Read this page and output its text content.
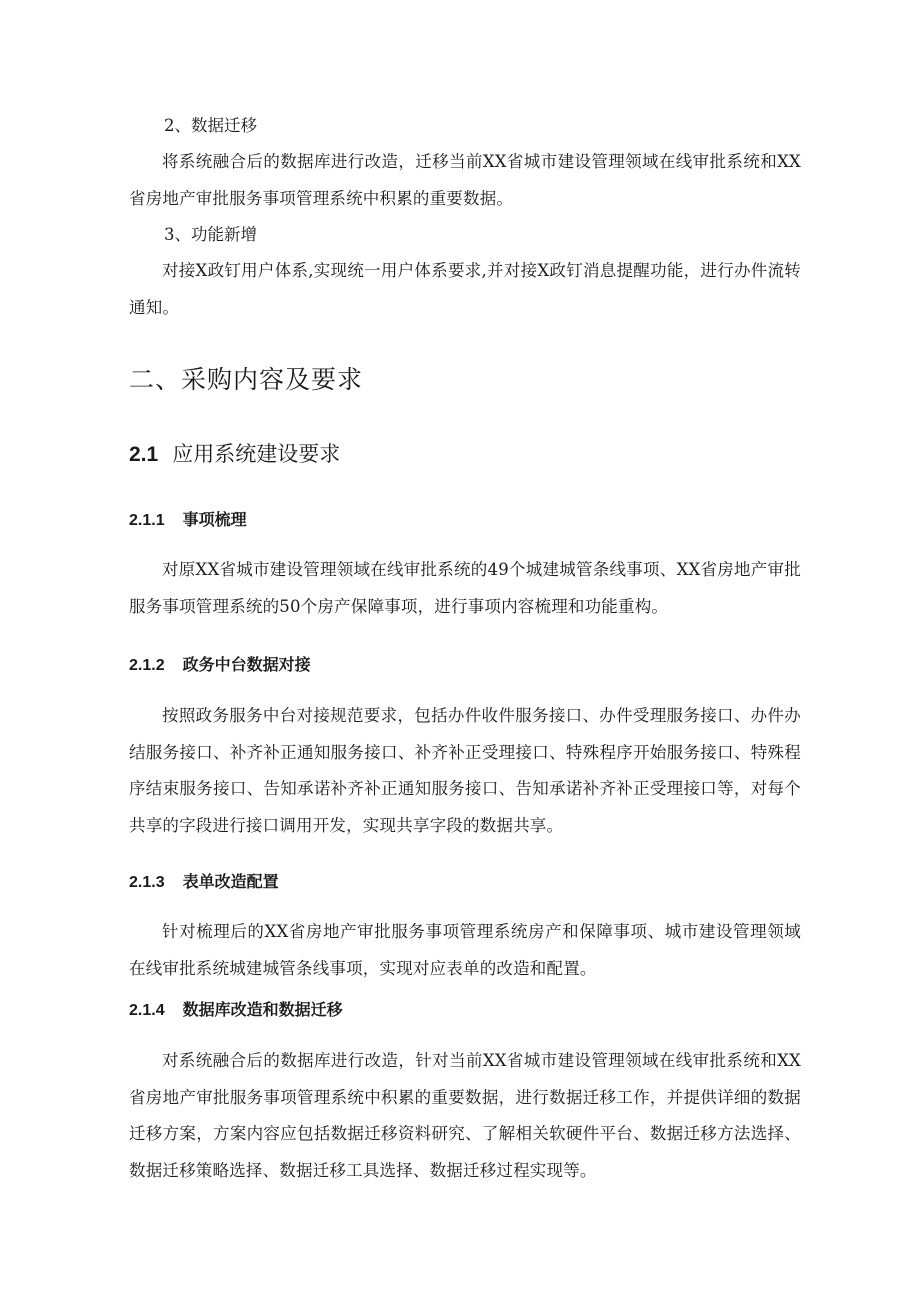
2、数据迁移

将系统融合后的数据库进行改造，迁移当前XX省城市建设管理领域在线审批系统和XX省房地产审批服务事项管理系统中积累的重要数据。

3、功能新增

对接X政钉用户体系,实现统一用户体系要求,并对接X政钉消息提醒功能，进行办件流转通知。

二、采购内容及要求
2.1 应用系统建设要求
2.1.1 事项梳理

对原XX省城市建设管理领域在线审批系统的49个城建城管条线事项、XX省房地产审批服务事项管理系统的50个房产保障事项，进行事项内容梳理和功能重构。

2.1.2 政务中台数据对接

按照政务服务中台对接规范要求，包括办件收件服务接口、办件受理服务接口、办件办结服务接口、补齐补正通知服务接口、补齐补正受理接口、特殊程序开始服务接口、特殊程序结束服务接口、告知承诺补齐补正通知服务接口、告知承诺补齐补正受理接口等，对每个共享的字段进行接口调用开发，实现共享字段的数据共享。

2.1.3 表单改造配置

针对梳理后的XX省房地产审批服务事项管理系统房产和保障事项、城市建设管理领域在线审批系统城建城管条线事项，实现对应表单的改造和配置。

2.1.4 数据库改造和数据迁移

对系统融合后的数据库进行改造，针对当前XX省城市建设管理领域在线审批系统和XX省房地产审批服务事项管理系统中积累的重要数据，进行数据迁移工作，并提供详细的数据迁移方案，方案内容应包括数据迁移资料研究、了解相关软硬件平台、数据迁移方法选择、数据迁移策略选择、数据迁移工具选择、数据迁移过程实现等。
